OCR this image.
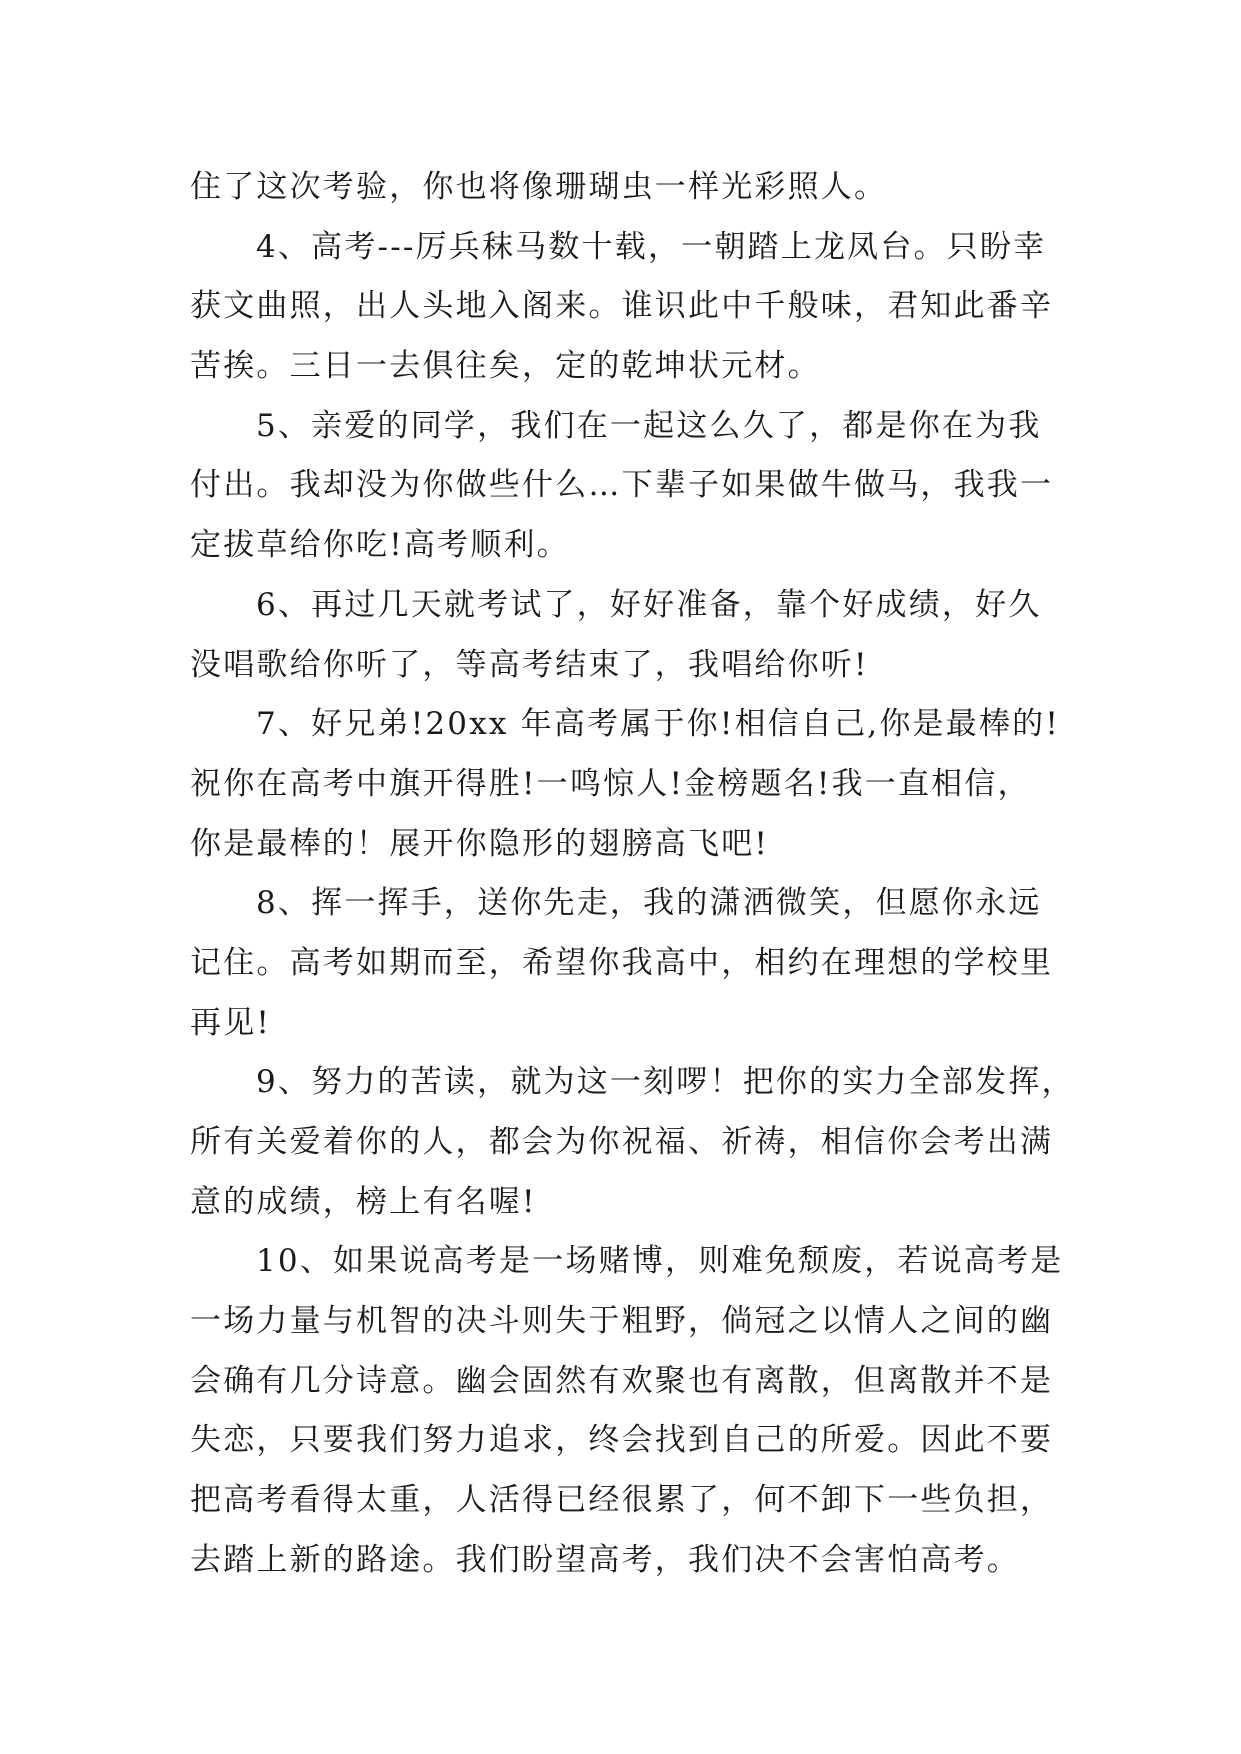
住了这次考验，你也将像珊瑚虫一样光彩照人。
4、高考---厉兵秣马数十载，一朝踏上龙凤台。只盼幸
获文曲照，出人头地入阁来。谁识此中千般味，君知此番辛
苦挨。三日一去俱往矣，定的乾坤状元材。
5、亲爱的同学，我们在一起这么久了，都是你在为我
付出。我却没为你做些什么…下辈子如果做牛做马，我我一
定拔草给你吃!高考顺利。
6、再过几天就考试了，好好准备，靠个好成绩，好久
没唱歌给你听了，等高考结束了，我唱给你听!
7、好兄弟!20xx 年高考属于你!相信自己,你是最棒的!
祝你在高考中旗开得胜!一鸣惊人!金榜题名!我一直相信，
你是最棒的！展开你隐形的翅膀高飞吧!
8、挥一挥手，送你先走，我的潇洒微笑，但愿你永远
记住。高考如期而至，希望你我高中，相约在理想的学校里
再见!
9、努力的苦读，就为这一刻啰！把你的实力全部发挥，
所有关爱着你的人，都会为你祝福、祈祷，相信你会考出满
意的成绩，榜上有名喔!
10、如果说高考是一场赌博，则难免颓废，若说高考是
一场力量与机智的决斗则失于粗野，倘冠之以情人之间的幽
会确有几分诗意。幽会固然有欢聚也有离散，但离散并不是
失恋，只要我们努力追求，终会找到自己的所爱。因此不要
把高考看得太重，人活得已经很累了，何不卸下一些负担，
去踏上新的路途。我们盼望高考，我们决不会害怕高考。
